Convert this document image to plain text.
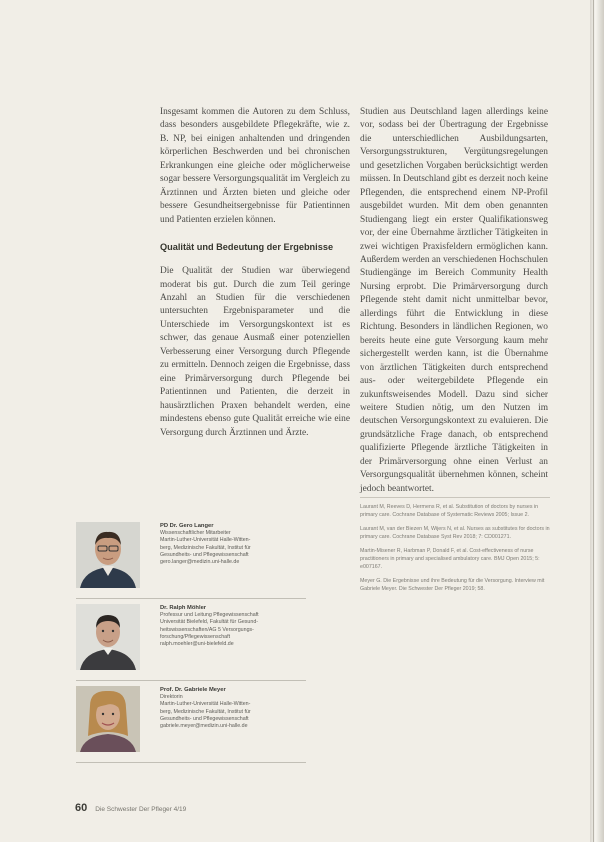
Insgesamt kommen die Autoren zu dem Schluss, dass besonders ausgebildete Pflegekräfte, wie z. B. NP, bei einigen anhaltenden und dringenden körperlichen Beschwerden und bei chronischen Erkrankungen eine gleiche oder möglicherweise sogar bessere Versorgungsqualität im Vergleich zu Ärztinnen und Ärzten bieten und gleiche oder bessere Gesundheitsergebnisse für Patientinnen und Patienten erzielen können.

Qualität und Bedeutung der Ergebnisse

Die Qualität der Studien war überwiegend moderat bis gut. Durch die zum Teil geringe Anzahl an Studien für die verschiedenen untersuchten Ergebnisparameter und die Unterschiede im Versorgungskontext ist es schwer, das genaue Ausmaß einer potenziellen Verbesserung einer Versorgung durch Pflegende zu ermitteln. Dennoch zeigen die Ergebnisse, dass eine Primärversorgung durch Pflegende bei Patientinnen und Patienten, die derzeit in hausärztlichen Praxen behandelt werden, eine mindestens ebenso gute Qualität erreiche wie eine Versorgung durch Ärztinnen und Ärzte.

Studien aus Deutschland lagen allerdings keine vor, sodass bei der Übertragung der Ergebnisse die unterschiedlichen Ausbildungsarten, Versorgungsstrukturen, Vergütungsregelungen und gesetzlichen Vorgaben berücksichtigt werden müssen. In Deutschland gibt es derzeit noch keine Pflegenden, die entsprechend einem NP-Profil ausgebildet wurden. Mit dem oben genannten Studiengang liegt ein erster Qualifikationsweg vor, der eine Übernahme ärztlicher Tätigkeiten in zwei wichtigen Praxisfeldern ermöglichen kann. Außerdem werden an verschiedenen Hochschulen Studiengänge im Bereich Community Health Nursing erprobt. Die Primärversorgung durch Pflegende steht damit nicht unmittelbar bevor, allerdings führt die Entwicklung in diese Richtung. Besonders in ländlichen Regionen, wo bereits heute eine gute Versorgung kaum mehr sichergestellt werden kann, ist die Übernahme von ärztlichen Tätigkeiten durch entsprechend aus- oder weitergebildete Pflegende ein zukunftsweisendes Modell. Dazu sind sicher weitere Studien nötig, um den Nutzen im deutschen Versorgungskontext zu evaluieren. Die grundsätzliche Frage danach, ob entsprechend qualifizierte Pflegende ärztliche Tätigkeiten in der Primärversorgung ohne einen Verlust an Versorgungsqualität übernehmen können, scheint jedoch beantwortet.

Laurant M, Reeves D, Hermens R, et al. Substitution of doctors by nurses in primary care. Cochrane Database of Systematic Reviews 2005; Issue 2.

Laurant M, van der Biezen M, Wijers N, et al. Nurses as substitutes for doctors in primary care. Cochrane Database Syst Rev 2018; 7: CD001271.

Martin-Misener R, Harbman P, Donald F, et al. Cost-effectiveness of nurse practitioners in primary and specialised ambulatory care. BMJ Open 2015; 5: e007167.

Meyer G. Die Ergebnisse und ihre Bedeutung für die Versorgung. Interview mit Gabriele Meyer. Die Schwester Der Pfleger 2019; 58.

PD Dr. Gero Langer
Wissenschaftlicher Mitarbeiter
Martin-Luther-Universität Halle-Witten-
berg, Medizinische Fakultät, Institut für
Gesundheits- und Pflegewissenschaft
gero.langer@medizin.uni-halle.de
Dr. Ralph Möhler
Professur und Leitung Pflegewissenschaft
Universität Bielefeld, Fakultät für Gesund-
heitswissenschaften/AG 5 Versorgungs-
forschung/Pflegewissenschaft
ralph.moehler@uni-bielefeld.de
Prof. Dr. Gabriele Meyer
Direktorin
Martin-Luther-Universität Halle-Witten-
berg, Medizinische Fakultät, Institut für
Gesundheits- und Pflegewissenschaft
gabriele.meyer@medizin.uni-halle.de
60 Die Schwester Der Pfleger 4/19
